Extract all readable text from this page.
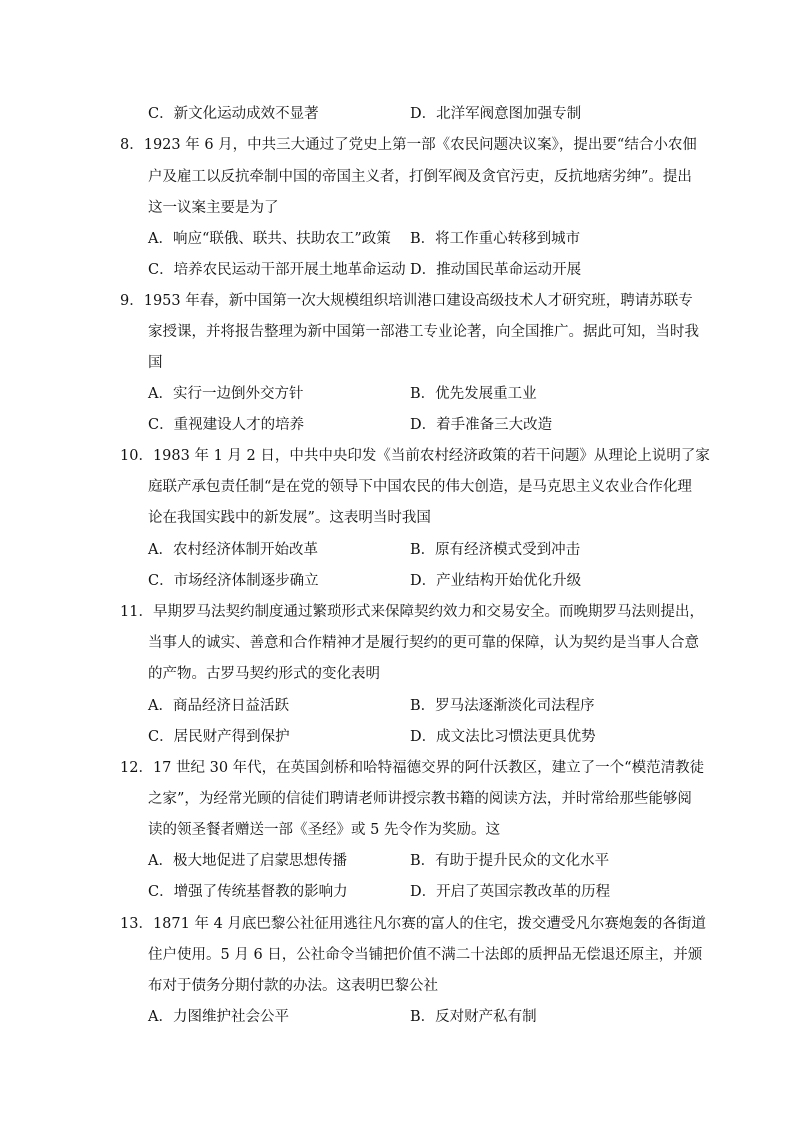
C．新文化运动成效不显著	D．北洋军阀意图加强专制
8．1923 年 6 月，中共三大通过了党史上第一部《农民问题决议案》，提出要“结合小农佃
户及雇工以反抗牵制中国的帝国主义者，打倒军阀及贪官污吏，反抗地痞劣绅”。提出
这一议案主要是为了
A．响应“联俄、联共、扶助农工”政策 B．将工作重心转移到城市
C．培养农民运动干部开展土地革命运动 D．推动国民革命运动开展
9．1953 年春，新中国第一次大规模组织培训港口建设高级技术人才研究班，聘请苏联专
家授课，并将报告整理为新中国第一部港工专业论著，向全国推广。据此可知，当时我
国
A．实行一边倒外交方针	B．优先发展重工业
C．重视建设人才的培养	D．着手准备三大改造
10．1983 年 1 月 2 日，中共中央印发《当前农村经济政策的若干问题》从理论上说明了家
庭联产承包责任制“是在党的领导下中国农民的伟大创造，是马克思主义农业合作化理
论在我国实践中的新发展”。这表明当时我国
A．农村经济体制开始改革	B．原有经济模式受到冲击
C．市场经济体制逐步确立	D．产业结构开始优化升级
11．早期罗马法契约制度通过繁琐形式来保障契约效力和交易安全。而晚期罗马法则提出，
当事人的诚实、善意和合作精神才是履行契约的更可靠的保障，认为契约是当事人合意
的产物。古罗马契约形式的变化表明
A．商品经济日益活跃	B．罗马法逐渐淡化司法程序
C．居民财产得到保护	D．成文法比习惯法更具优势
12．17 世纪 30 年代，在英国剑桥和哈特福德交界的阿什沃教区，建立了一个“模范清教徒
之家”，为经常光顾的信徒们聘请老师讲授宗教书籍的阅读方法，并时常给那些能够阅
读的领圣餐者赠送一部《圣经》或 5 先令作为奖励。这
A．极大地促进了启蒙思想传播	B．有助于提升民众的文化水平
C．增强了传统基督教的影响力	D．开启了英国宗教改革的历程
13．1871 年 4 月底巴黎公社征用逃往凡尔赛的富人的住宅，拨交遭受凡尔赛炮轰的各街道
住户使用。5 月 6 日，公社命令当铺把价值不满二十法郎的质押品无偿退还原主，并颁
布对于债务分期付款的办法。这表明巴黎公社
A．力图维护社会公平	B．反对财产私有制
